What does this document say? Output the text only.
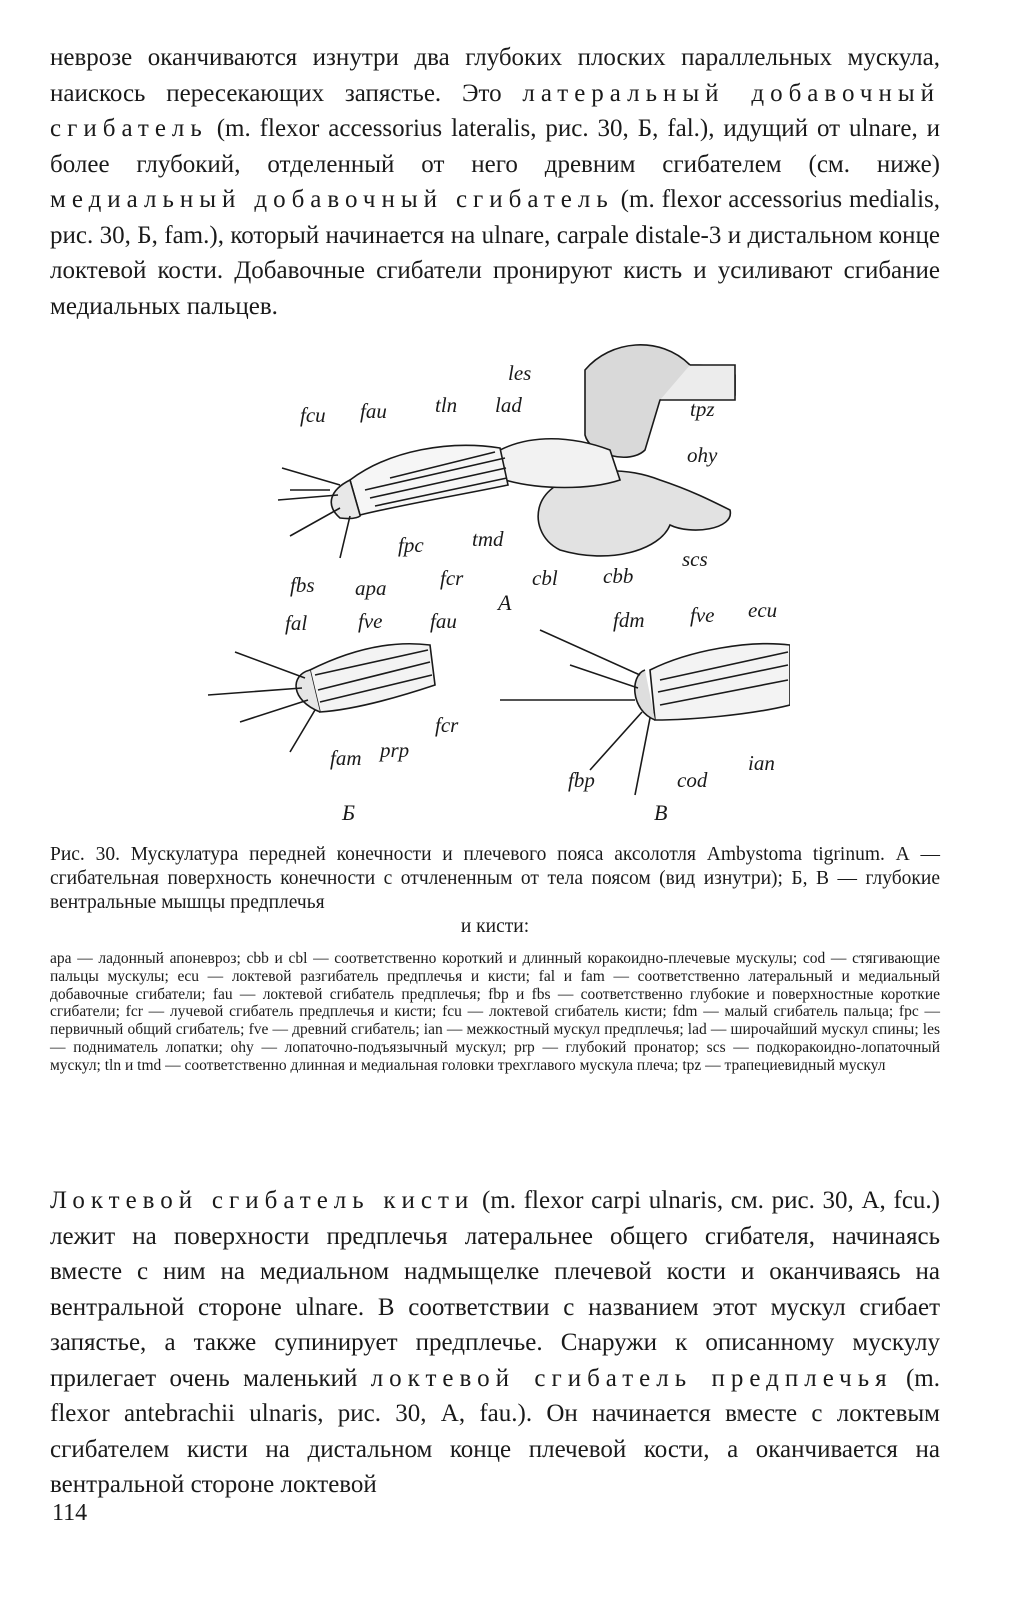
неврозе оканчиваются изнутри два глубоких плоских параллельных мускула, наискось пересекающих запястье. Это латеральный добавочный сгибатель (m. flexor accessorius lateralis, рис. 30, Б, fal.), идущий от ulnare, и более глубокий, отделенный от него древним сгибателем (см. ниже) медиальный добавочный сгибатель (m. flexor accessorius medialis, рис. 30, Б, fam.), который начинается на ulnare, carpale distale-3 и дистальном конце локтевой кости. Добавочные сгибатели пронируют кисть и усиливают сгибание медиальных пальцев.
les
fcu fau tln lad	tpz
ohy
fpc tmd
scs
fbs apa	fcr	cbl cbb
А
fal fve fau
fcr
fam prp
Б
fdm fve ecu
ian
fbp	cod
В
Рис. 30. Мускулатура передней конечности и плечевого пояса аксолотля Ambystoma tigrinum. А — сгибательная поверхность конечности с отчлененным от тела поясом (вид изнутри); Б, В — глубокие вентральные мышцы предплечья
и кисти:
apa — ладонный апоневроз; cbb и cbl — соответственно короткий и длинный коракоидно-плечевые мускулы; cod — стягивающие пальцы мускулы; ecu — локтевой разгибатель предплечья и кисти; fal и fam — соответственно латеральный и медиальный добавочные сгибатели; fau — локтевой сгибатель предплечья; fbp и fbs — соответственно глубокие и поверхностные короткие сгибатели; fcr — лучевой сгибатель предплечья и кисти; fcu — локтевой сгибатель кисти; fdm — малый сгибатель пальца; fpc — первичный общий сгибатель; fve — древний сгибатель; ian — межкостный мускул предплечья; lad — широчайший мускул спины; les — подниматель лопатки; ohy — лопаточно-подъязычный мускул; prp — глубокий пронатор; scs — подкоракоидно-лопаточный мускул; tln и tmd — соответственно длинная и медиальная головки трехглавого мускула плеча; tpz — трапециевидный мускул
Локтевой сгибатель кисти (m. flexor carpi ulnaris, см. рис. 30, А, fcu.) лежит на поверхности предплечья латеральнее общего сгибателя, начинаясь вместе с ним на медиальном надмыщелке плечевой кости и оканчиваясь на вентральной стороне ulnare. В соответствии с названием этот мускул сгибает запястье, а также супинирует предплечье. Снаружи к описанному мускулу прилегает очень маленький локтевой сгибатель предплечья (m. flexor antebrachii ulnaris, рис. 30, А, fau.). Он начинается вместе с локтевым сгибателем кисти на дистальном конце плечевой кости, а оканчивается на вентральной стороне локтевой
114
